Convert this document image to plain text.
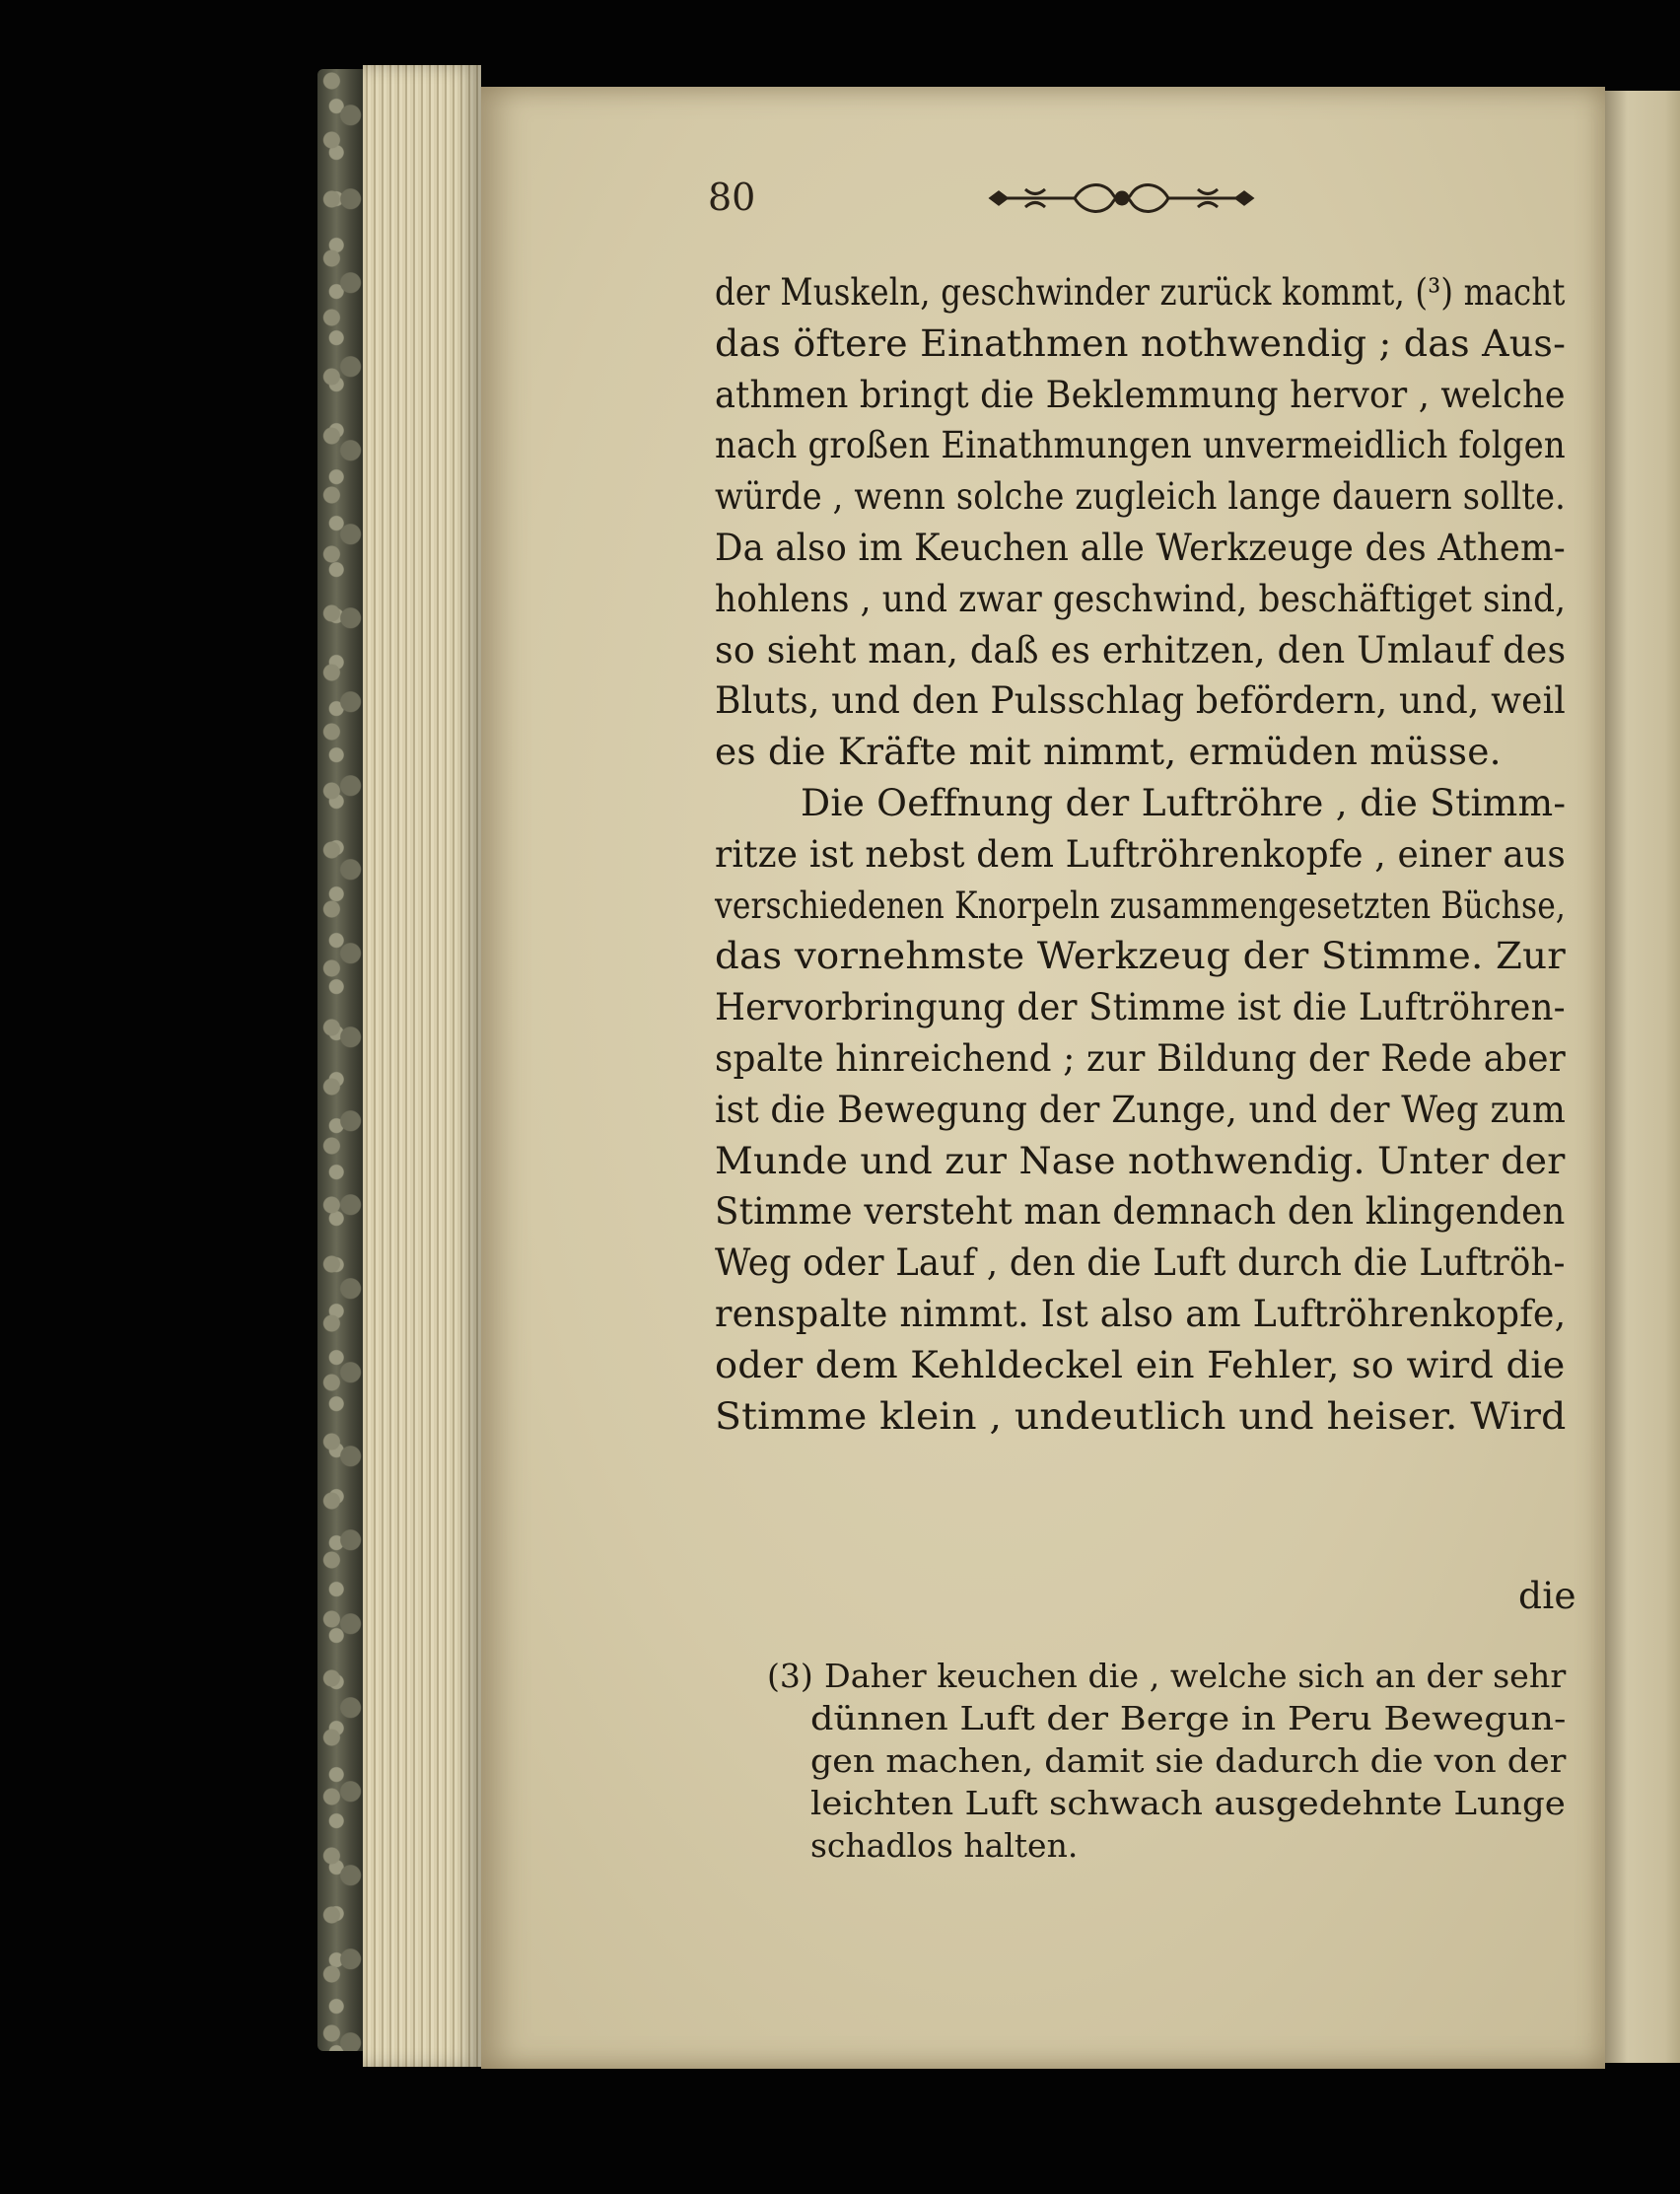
80
der Muskeln, geschwinder zurück kommt, (³) macht
das öftere Einathmen nothwendig ; das Aus-
athmen bringt die Beklemmung hervor , welche
nach großen Einathmungen unvermeidlich folgen
würde , wenn solche zugleich lange dauern sollte.
Da also im Keuchen alle Werkzeuge des Athem-
hohlens , und zwar geschwind, beschäftiget sind,
so sieht man, daß es erhitzen, den Umlauf des
Bluts, und den Pulsschlag befördern, und, weil
es die Kräfte mit nimmt, ermüden müsse.
Die Oeffnung der Luftröhre , die Stimm-
ritze ist nebst dem Luftröhrenkopfe , einer aus
verschiedenen Knorpeln zusammengesetzten Büchse,
das vornehmste Werkzeug der Stimme. Zur
Hervorbringung der Stimme ist die Luftröhren-
spalte hinreichend ; zur Bildung der Rede aber
ist die Bewegung der Zunge, und der Weg zum
Munde und zur Nase nothwendig. Unter der
Stimme versteht man demnach den klingenden
Weg oder Lauf , den die Luft durch die Luftröh-
renspalte nimmt. Ist also am Luftröhrenkopfe,
oder dem Kehldeckel ein Fehler, so wird die
Stimme klein , undeutlich und heiser. Wird
die
(3) Daher keuchen die , welche sich an der sehr
dünnen Luft der Berge in Peru Bewegun-
gen machen, damit sie dadurch die von der
leichten Luft schwach ausgedehnte Lunge
schadlos halten.
